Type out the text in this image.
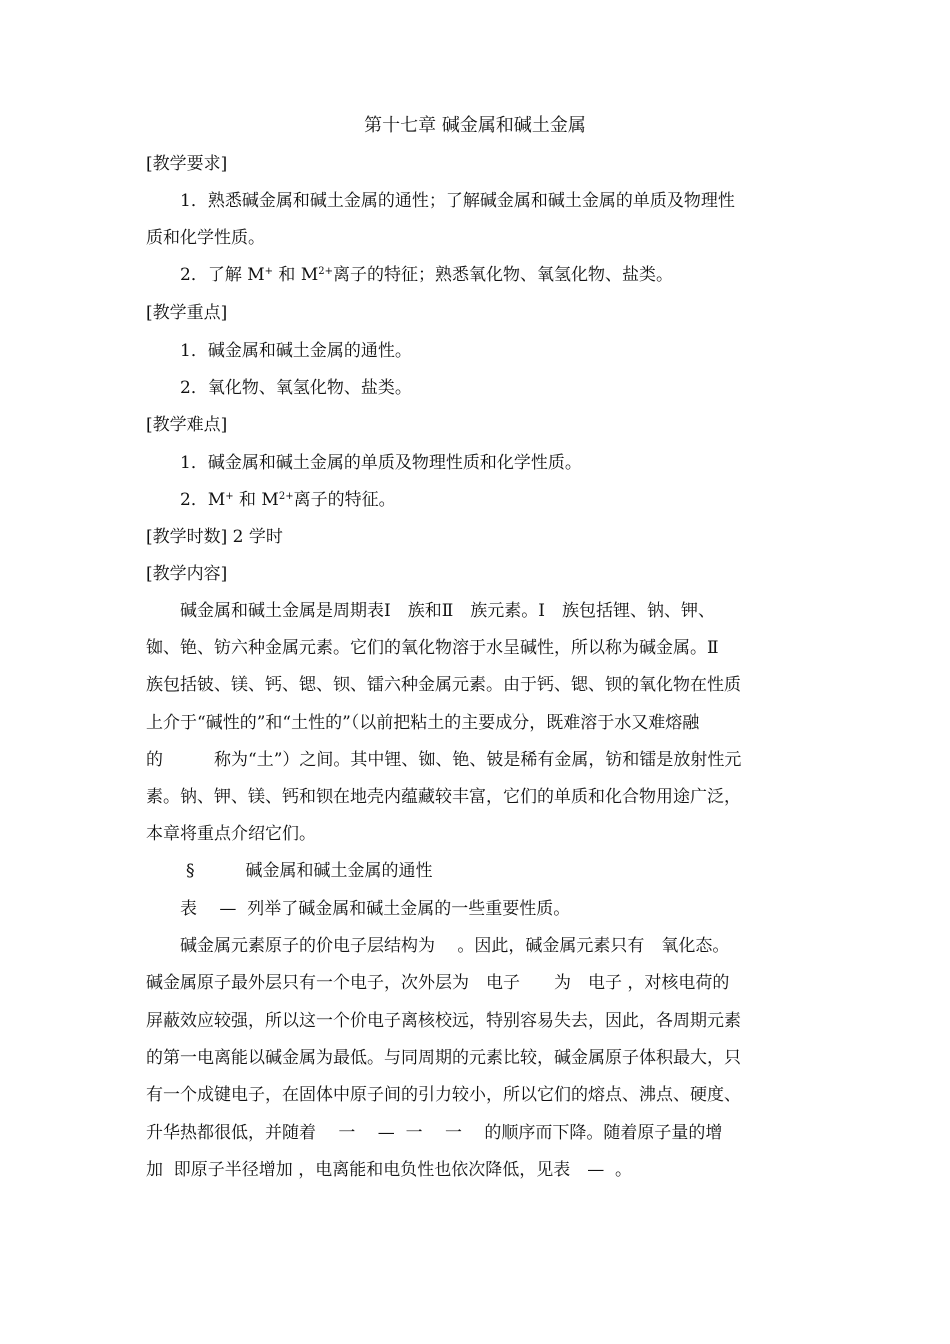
第十七章 碱金属和碱土金属
[教学要求]
1．熟悉碱金属和碱土金属的通性；了解碱金属和碱土金属的单质及物理性
质和化学性质。
2．了解 M+ 和 $M^{2+}$离子的特征；熟悉氧化物、氧氢化物、盐类。
[教学重点]
1．碱金属和碱土金属的通性。
2．氧化物、氧氢化物、盐类。
[教学难点]
1．碱金属和碱土金属的单质及物理性质和化学性质。
2．M+ 和 $M^{2+}$离子的特征。
[教学时数] 2 学时
[教学内容]
碱金属和碱土金属是周期表Ⅰ　族和Ⅱ　族元素。Ⅰ　族包括锂、钠、钾、
铷、铯、钫六种金属元素。它们的氧化物溶于水呈碱性，所以称为碱金属。Ⅱ
族包括铍、镁、钙、锶、钡、镭六种金属元素。由于钙、锶、钡的氧化物在性质
上介于“碱性的”和“土性的”（以前把粘土的主要成分，既难溶于水又难熔融
的　　　称为“土”）之间。其中锂、铷、铯、铍是稀有金属，钫和镭是放射性元
素。钠、钾、镁、钙和钡在地壳内蕴藏较丰富，它们的单质和化合物用途广泛，
本章将重点介绍它们。
§　　　碱金属和碱土金属的通性
表　 —  列举了碱金属和碱土金属的一些重要性质。
碱金属元素原子的价电子层结构为　 。因此，碱金属元素只有　氧化态。
碱金属原子最外层只有一个电子，次外层为　电子　　为　电子 ，对核电荷的
屏蔽效应较强，所以这一个价电子离核校远，特别容易失去，因此，各周期元素
的第一电离能以碱金属为最低。与同周期的元素比较，碱金属原子体积最大，只
有一个成键电子，在固体中原子间的引力较小，所以它们的熔点、沸点、硬度、
升华热都很低，并随着　 一 　—  一 　一　 的顺序而下降。随着原子量的增
加  即原子半径增加 ，电离能和电负性也依次降低，见表　—  。
